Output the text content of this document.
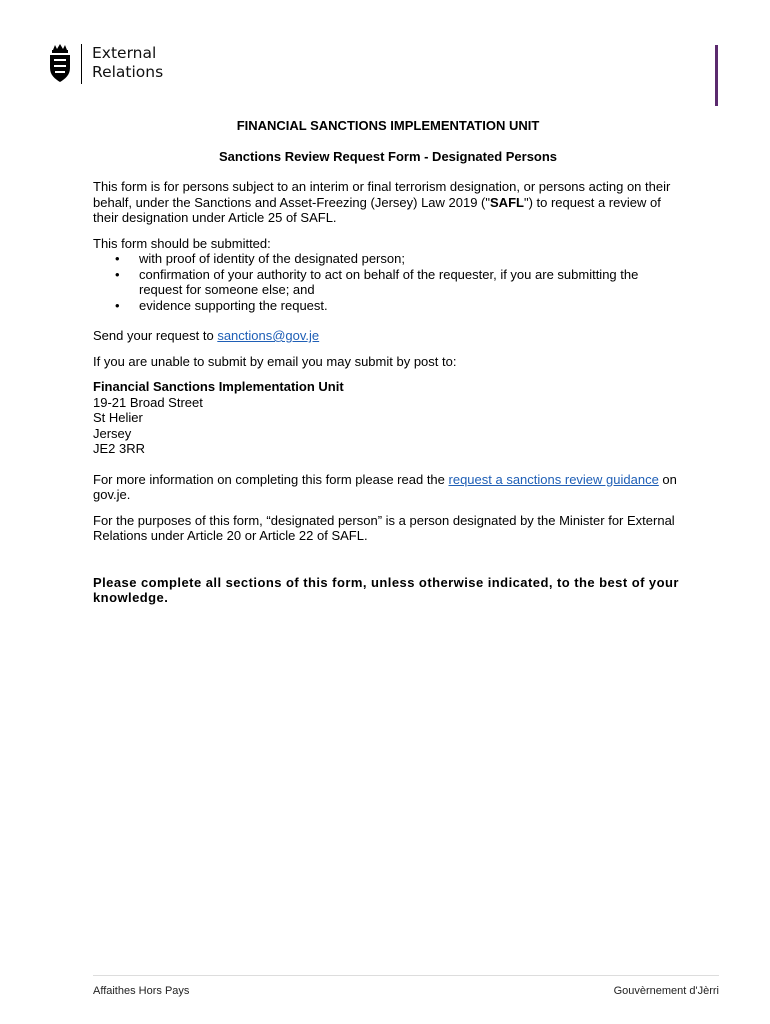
External
Relations

FINANCIAL SANCTIONS IMPLEMENTATION UNIT

Sanctions Review Request Form - Designated Persons

This form is for persons subject to an interim or final terrorism designation, or persons acting on their behalf, under the Sanctions and Asset-Freezing (Jersey) Law 2019 ("SAFL") to request a review of their designation under Article 25 of SAFL.

This form should be submitted:

• with proof of identity of the designated person;
• confirmation of your authority to act on behalf of the requester, if you are submitting the request for someone else; and
• evidence supporting the request.

Send your request to sanctions@gov.je

If you are unable to submit by email you may submit by post to:

Financial Sanctions Implementation Unit

19-21 Broad Street

St Helier

Jersey

JE2 3RR

For more information on completing this form please read the request a sanctions review guidance on gov.je.

For the purposes of this form, “designated person” is a person designated by the Minister for External Relations under Article 20 or Article 22 of SAFL.

Please complete all sections of this form, unless otherwise indicated, to the best of your knowledge.

Affaithes Hors Pays	Gouvèrnement d'Jèrri
